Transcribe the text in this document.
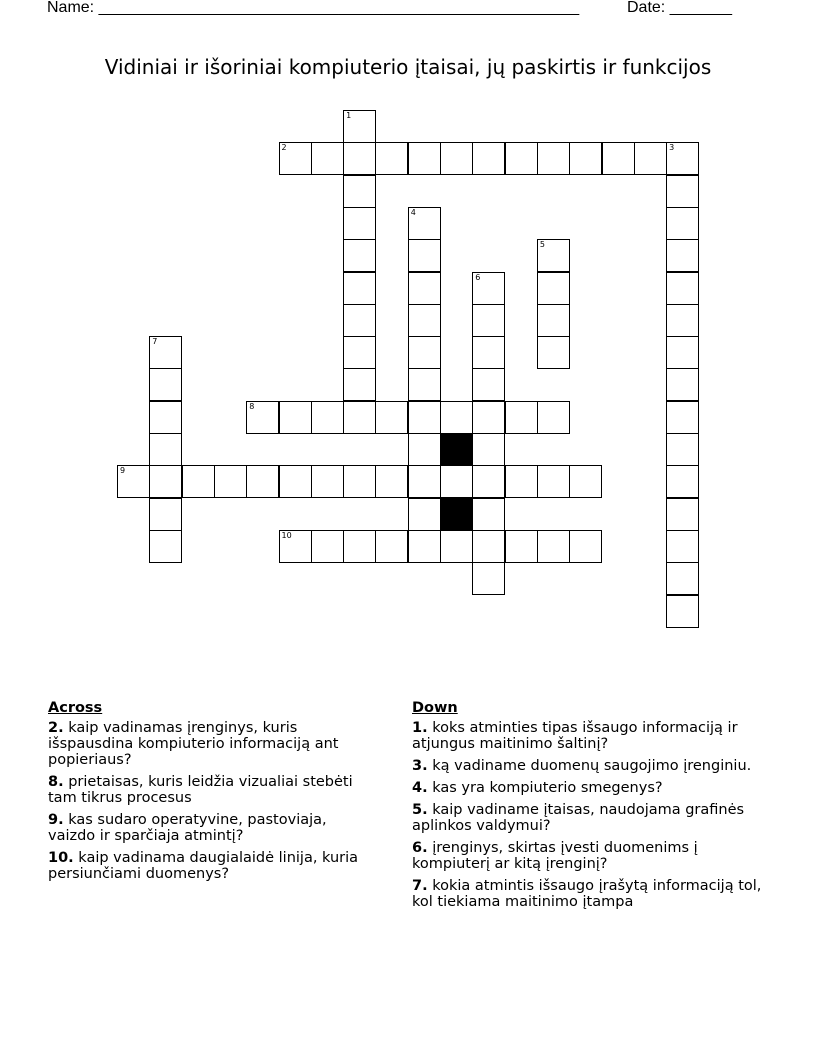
Name: ______________________________________________________	Date: _______
Vidiniai ir išoriniai kompiuterio įtaisai, jų paskirtis ir funkcijos
1
2	3
4
5
6
7
8
9
10
Across
2. kaip vadinamas įrenginys, kuris išspausdina kompiuterio informaciją ant popieriaus?
8. prietaisas, kuris leidžia vizualiai stebėti tam tikrus procesus
9. kas sudaro operatyvine, pastoviaja, vaizdo ir sparčiaja atmintį?
10. kaip vadinama daugialaidė linija, kuria persiunčiami duomenys?
Down
1. koks atminties tipas išsaugo informaciją ir atjungus maitinimo šaltinį?
3. ką vadiname duomenų saugojimo įrenginiu.
4. kas yra kompiuterio smegenys?
5. kaip vadiname įtaisas, naudojama grafinės aplinkos valdymui?
6. įrenginys, skirtas įvesti duomenims į kompiuterį ar kitą įrenginį?
7. kokia atmintis išsaugo įrašytą informaciją tol, kol tiekiama maitinimo įtampa
